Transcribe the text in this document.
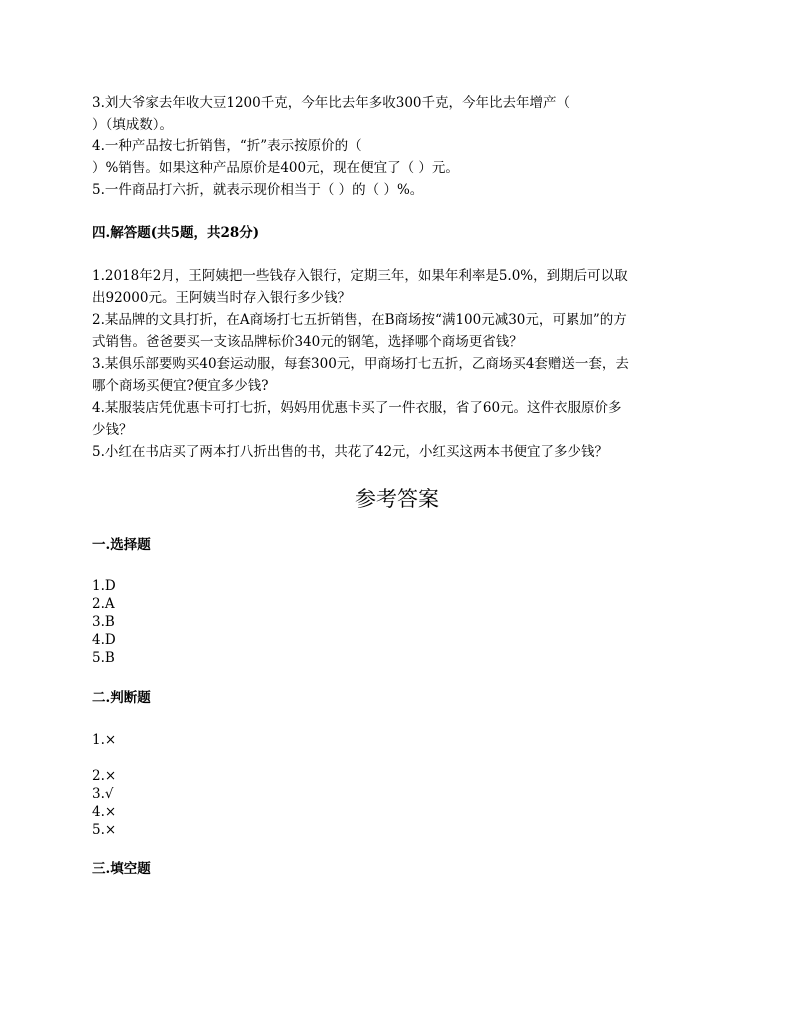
3.刘大爷家去年收大豆1200千克，今年比去年多收300千克，今年比去年增产（
）（填成数）。
4.一种产品按七折销售，“折”表示按原价的（
）%销售。如果这种产品原价是400元，现在便宜了（ ）元。
5.一件商品打六折，就表示现价相当于（ ）的（ ）%。
四.解答题(共5题，共28分)
1.2018年2月，王阿姨把一些钱存入银行，定期三年，如果年利率是5.0%，到期后可以取
出92000元。王阿姨当时存入银行多少钱？
2.某品牌的文具打折，在A商场打七五折销售，在B商场按“满100元减30元，可累加”的方
式销售。爸爸要买一支该品牌标价340元的钢笔，选择哪个商场更省钱？
3.某俱乐部要购买40套运动服，每套300元，甲商场打七五折，乙商场买4套赠送一套，去
哪个商场买便宜?便宜多少钱?
4.某服装店凭优惠卡可打七折，妈妈用优惠卡买了一件衣服，省了60元。这件衣服原价多
少钱？
5.小红在书店买了两本打八折出售的书，共花了42元，小红买这两本书便宜了多少钱？
参考答案
一.选择题
1.D
2.A
3.B
4.D
5.B
二.判断题
1.×
2.×
3.√
4.×
5.×
三.填空题
